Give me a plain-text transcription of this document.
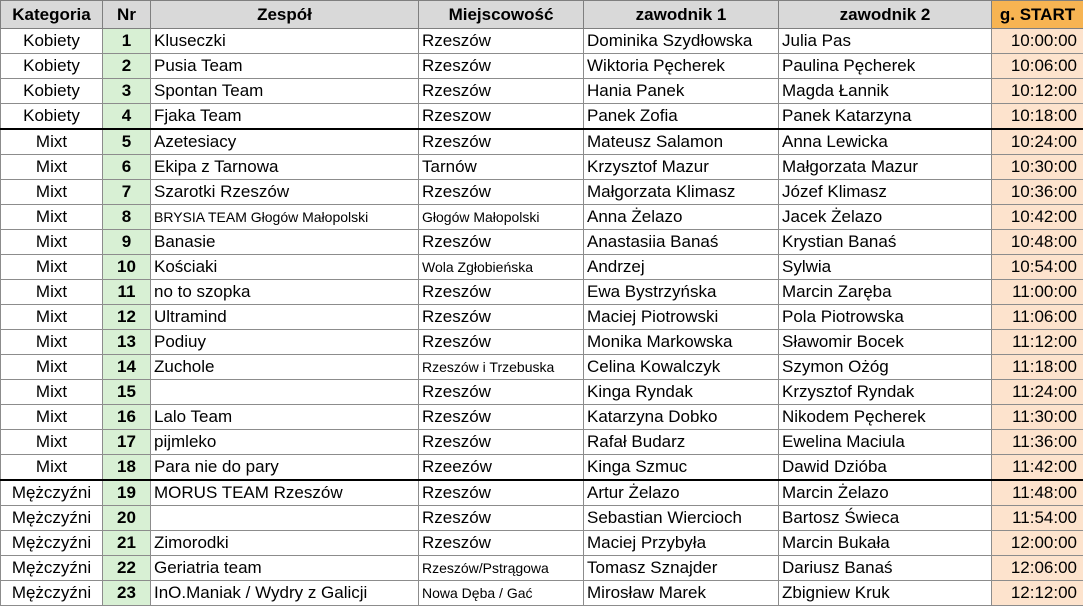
Kategoria	Nr	Zespół	Miejscowość	zawodnik 1	zawodnik 2	g. START
Kobiety	1	Kluseczki	Rzeszów	Dominika Szydłowska	Julia Pas	10:00:00
Kobiety	2	Pusia Team	Rzeszów	Wiktoria Pęcherek	Paulina Pęcherek	10:06:00
Kobiety	3	Spontan Team	Rzeszów	Hania Panek	Magda Łannik	10:12:00
Kobiety	4	Fjaka Team	Rzeszow	Panek Zofia	Panek Katarzyna	10:18:00
Mixt	5	Azetesiacy	Rzeszów	Mateusz Salamon	Anna Lewicka	10:24:00
Mixt	6	Ekipa z Tarnowa	Tarnów	Krzysztof Mazur	Małgorzata Mazur	10:30:00
Mixt	7	Szarotki Rzeszów	Rzeszów	Małgorzata Klimasz	Józef Klimasz	10:36:00
Mixt	8	BRYSIA TEAM Głogów Małopolski	Głogów Małopolski	Anna Żelazo	Jacek Żelazo	10:42:00
Mixt	9	Banasie	Rzeszów	Anastasiia Banaś	Krystian Banaś	10:48:00
Mixt	10	Kościaki	Wola Zgłobieńska	Andrzej	Sylwia	10:54:00
Mixt	11	no to szopka	Rzeszów	Ewa Bystrzyńska	Marcin Zaręba	11:00:00
Mixt	12	Ultramind	Rzeszów	Maciej Piotrowski	Pola Piotrowska	11:06:00
Mixt	13	Podiuy	Rzeszów	Monika Markowska	Sławomir Bocek	11:12:00
Mixt	14	Zuchole	Rzeszów i Trzebuska	Celina Kowalczyk	Szymon Ożóg	11:18:00
Mixt	15		Rzeszów	Kinga Ryndak	Krzysztof Ryndak	11:24:00
Mixt	16	Lalo Team	Rzeszów	Katarzyna Dobko	Nikodem Pęcherek	11:30:00
Mixt	17	pijmleko	Rzeszów	Rafał Budarz	Ewelina Maciula	11:36:00
Mixt	18	Para nie do pary	Rzeezów	Kinga Szmuc	Dawid Dzióba	11:42:00
Mężczyźni	19	MORUS TEAM Rzeszów	Rzeszów	Artur Żelazo	Marcin Żelazo	11:48:00
Mężczyźni	20		Rzeszów	Sebastian Wiercioch	Bartosz Świeca	11:54:00
Mężczyźni	21	Zimorodki	Rzeszów	Maciej Przybyła	Marcin Bukała	12:00:00
Mężczyźni	22	Geriatria team	Rzeszów/Pstrągowa	Tomasz Sznajder	Dariusz Banaś	12:06:00
Mężczyźni	23	InO.Maniak / Wydry z Galicji	Nowa Dęba / Gać	Mirosław Marek	Zbigniew Kruk	12:12:00
